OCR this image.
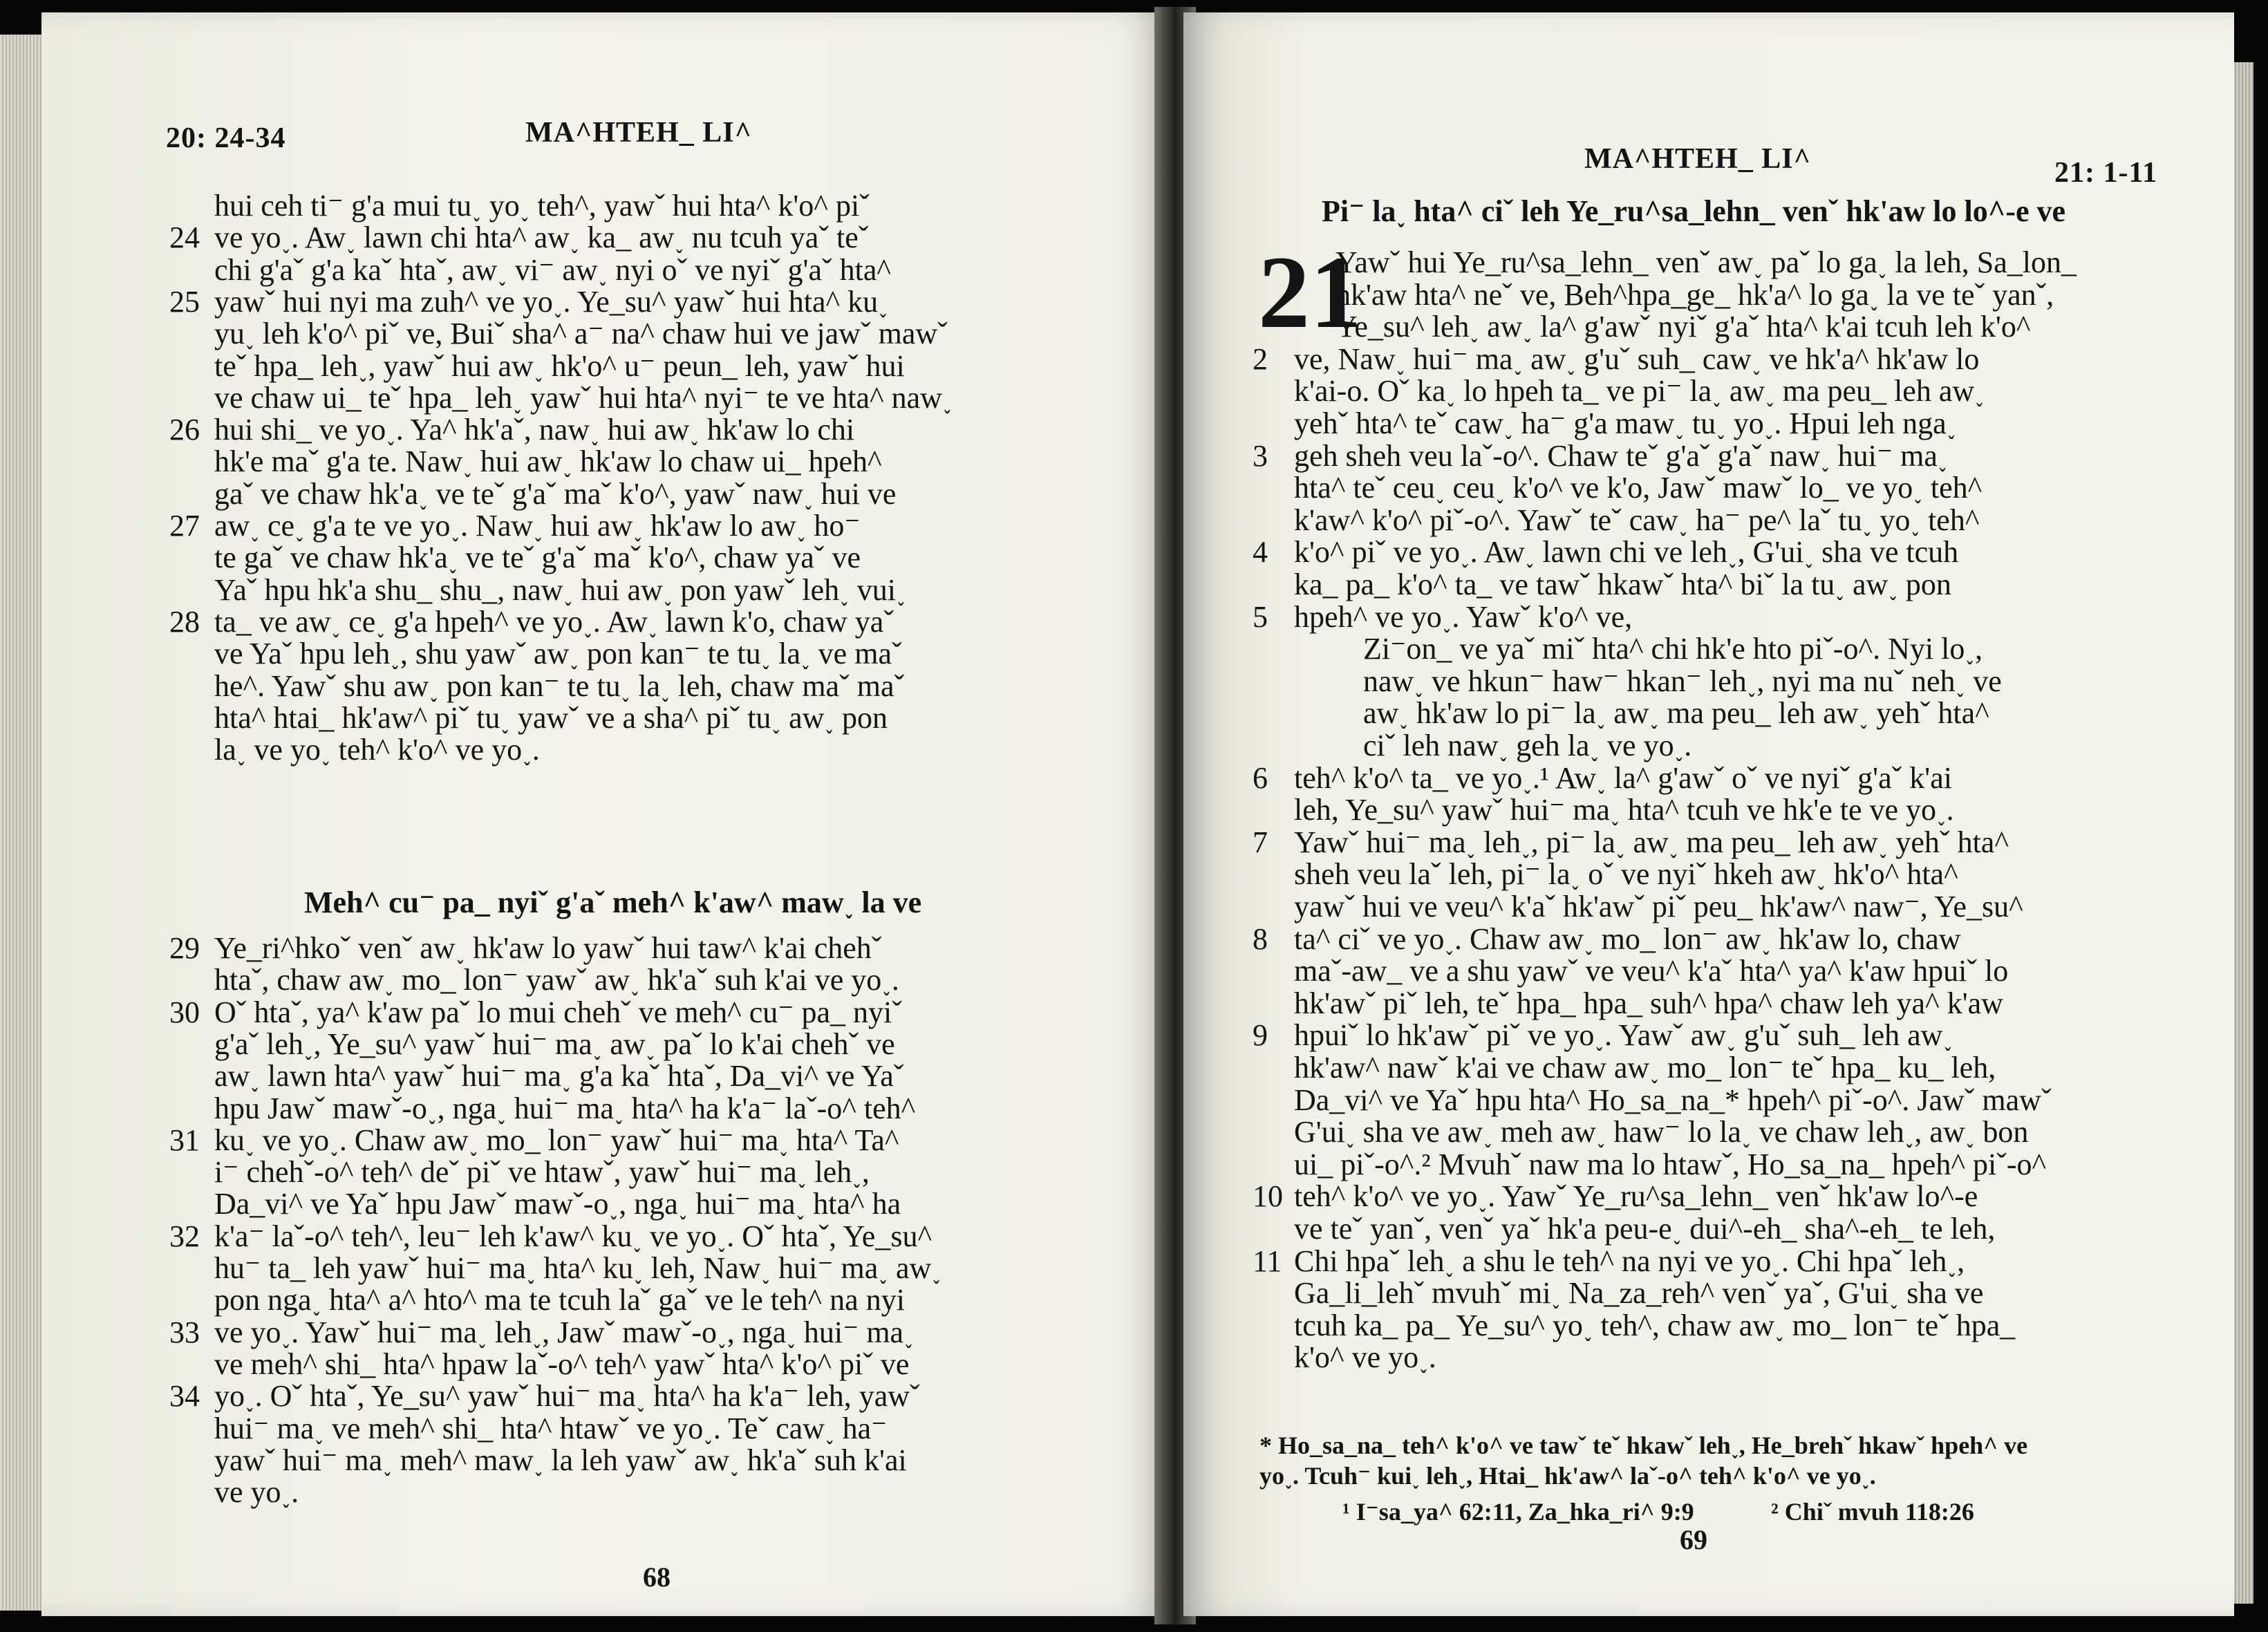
20: 24-34	MA^HTEH_ LI^
hui ceh ti⁻ g'a mui tu˯ yo˯ teh^, yawˇ hui hta^ k'o^ piˇ
ve yo˯. Aw˯ lawn chi hta^ aw˯ ka_ aw˯ nu tcuh yaˇ teˇ
chi g'aˇ g'a kaˇ htaˇ, aw˯ vi⁻ aw˯ nyi oˇ ve nyiˇ g'aˇ hta^
yawˇ hui nyi ma zuh^ ve yo˯. Ye_su^ yawˇ hui hta^ ku˯
yu˯ leh k'o^ piˇ ve, Buiˇ sha^ a⁻ na^ chaw hui ve jawˇ mawˇ
teˇ hpa_ leh˯, yawˇ hui aw˯ hk'o^ u⁻ peun_ leh, yawˇ hui
ve chaw ui_ teˇ hpa_ leh˯ yawˇ hui hta^ nyi⁻ te ve hta^ naw˯
hui shi_ ve yo˯. Ya^ hk'aˇ, naw˯ hui aw˯ hk'aw lo chi
hk'e maˇ g'a te. Naw˯ hui aw˯ hk'aw lo chaw ui_ hpeh^
gaˇ ve chaw hk'a˯ ve teˇ g'aˇ maˇ k'o^, yawˇ naw˯ hui ve
aw˯ ce˯ g'a te ve yo˯. Naw˯ hui aw˯ hk'aw lo aw˯ ho⁻
te gaˇ ve chaw hk'a˯ ve teˇ g'aˇ maˇ k'o^, chaw yaˇ ve
Yaˇ hpu hk'a shu_ shu_, naw˯ hui aw˯ pon yawˇ leh˯ vui˯
ta_ ve aw˯ ce˯ g'a hpeh^ ve yo˯. Aw˯ lawn k'o, chaw yaˇ
ve Yaˇ hpu leh˯, shu yawˇ aw˯ pon kan⁻ te tu˯ la˯ ve maˇ
he^. Yawˇ shu aw˯ pon kan⁻ te tu˯ la˯ leh, chaw maˇ maˇ
hta^ htai_ hk'aw^ piˇ tu˯ yawˇ ve a sha^ piˇ tu˯ aw˯ pon
la˯ ve yo˯ teh^ k'o^ ve yo˯.
24
25
26
27
28
Meh^ cu⁻ pa_ nyiˇ g'aˇ meh^ k'aw^ maw˯ la ve
Ye_ri^hkoˇ venˇ aw˯ hk'aw lo yawˇ hui taw^ k'ai chehˇ
htaˇ, chaw aw˯ mo_ lon⁻ yawˇ aw˯ hk'aˇ suh k'ai ve yo˯.
Oˇ htaˇ, ya^ k'aw paˇ lo mui chehˇ ve meh^ cu⁻ pa_ nyiˇ
g'aˇ leh˯, Ye_su^ yawˇ hui⁻ ma˯ aw˯ paˇ lo k'ai chehˇ ve
aw˯ lawn hta^ yawˇ hui⁻ ma˯ g'a kaˇ htaˇ, Da_vi^ ve Yaˇ
hpu Jawˇ mawˇ-o˯, nga˯ hui⁻ ma˯ hta^ ha k'a⁻ laˇ-o^ teh^
ku˯ ve yo˯. Chaw aw˯ mo_ lon⁻ yawˇ hui⁻ ma˯ hta^ Ta^
i⁻ chehˇ-o^ teh^ deˇ piˇ ve htawˇ, yawˇ hui⁻ ma˯ leh˯,
Da_vi^ ve Yaˇ hpu Jawˇ mawˇ-o˯, nga˯ hui⁻ ma˯ hta^ ha
k'a⁻ laˇ-o^ teh^, leu⁻ leh k'aw^ ku˯ ve yo˯. Oˇ htaˇ, Ye_su^
hu⁻ ta_ leh yawˇ hui⁻ ma˯ hta^ ku˯ leh, Naw˯ hui⁻ ma˯ aw˯
pon nga˯ hta^ a^ hto^ ma te tcuh laˇ gaˇ ve le teh^ na nyi
ve yo˯. Yawˇ hui⁻ ma˯ leh˯, Jawˇ mawˇ-o˯, nga˯ hui⁻ ma˯
ve meh^ shi_ hta^ hpaw laˇ-o^ teh^ yawˇ hta^ k'o^ piˇ ve
yo˯. Oˇ htaˇ, Ye_su^ yawˇ hui⁻ ma˯ hta^ ha k'a⁻ leh, yawˇ
hui⁻ ma˯ ve meh^ shi_ hta^ htawˇ ve yo˯. Teˇ caw˯ ha⁻
yawˇ hui⁻ ma˯ meh^ maw˯ la leh yawˇ aw˯ hk'aˇ suh k'ai
ve yo˯.
29
30
31
32
33
34
68
MA^HTEH_ LI^	21: 1-11
Pi⁻ la˯ hta^ ciˇ leh Ye_ru^sa_lehn_ venˇ hk'aw lo lo^-e ve
21
Yawˇ hui Ye_ru^sa_lehn_ venˇ aw˯ paˇ lo ga˯ la leh, Sa_lon_
hk'aw hta^ neˇ ve, Beh^hpa_ge_ hk'a^ lo ga˯ la ve teˇ yanˇ,
Ye_su^ leh˯ aw˯ la^ g'awˇ nyiˇ g'aˇ hta^ k'ai tcuh leh k'o^
ve, Naw˯ hui⁻ ma˯ aw˯ g'uˇ suh_ caw˯ ve hk'a^ hk'aw lo
k'ai-o. Oˇ ka˯ lo hpeh ta_ ve pi⁻ la˯ aw˯ ma peu_ leh aw˯
yehˇ hta^ teˇ caw˯ ha⁻ g'a maw˯ tu˯ yo˯. Hpui leh nga˯
geh sheh veu laˇ-o^. Chaw teˇ g'aˇ g'aˇ naw˯ hui⁻ ma˯
hta^ teˇ ceu˯ ceu˯ k'o^ ve k'o, Jawˇ mawˇ lo_ ve yo˯ teh^
k'aw^ k'o^ piˇ-o^. Yawˇ teˇ caw˯ ha⁻ pe^ laˇ tu˯ yo˯ teh^
k'o^ piˇ ve yo˯. Aw˯ lawn chi ve leh˯, G'ui˯ sha ve tcuh
ka_ pa_ k'o^ ta_ ve tawˇ hkawˇ hta^ biˇ la tu˯ aw˯ pon
hpeh^ ve yo˯. Yawˇ k'o^ ve,
Zi⁻on_ ve yaˇ miˇ hta^ chi hk'e hto piˇ-o^. Nyi lo˯,
naw˯ ve hkun⁻ haw⁻ hkan⁻ leh˯, nyi ma nuˇ neh˯ ve
aw˯ hk'aw lo pi⁻ la˯ aw˯ ma peu_ leh aw˯ yehˇ hta^
ciˇ leh naw˯ geh la˯ ve yo˯.
teh^ k'o^ ta_ ve yo˯.¹ Aw˯ la^ g'awˇ oˇ ve nyiˇ g'aˇ k'ai
leh, Ye_su^ yawˇ hui⁻ ma˯ hta^ tcuh ve hk'e te ve yo˯.
Yawˇ hui⁻ ma˯ leh˯, pi⁻ la˯ aw˯ ma peu_ leh aw˯ yehˇ hta^
sheh veu laˇ leh, pi⁻ la˯ oˇ ve nyiˇ hkeh aw˯ hk'o^ hta^
yawˇ hui ve veu^ k'aˇ hk'awˇ piˇ peu_ hk'aw^ naw⁻, Ye_su^
ta^ ciˇ ve yo˯. Chaw aw˯ mo_ lon⁻ aw˯ hk'aw lo, chaw
maˇ-aw_ ve a shu yawˇ ve veu^ k'aˇ hta^ ya^ k'aw hpuiˇ lo
hk'awˇ piˇ leh, teˇ hpa_ hpa_ suh^ hpa^ chaw leh ya^ k'aw
hpuiˇ lo hk'awˇ piˇ ve yo˯. Yawˇ aw˯ g'uˇ suh_ leh aw˯
hk'aw^ nawˇ k'ai ve chaw aw˯ mo_ lon⁻ teˇ hpa_ ku_ leh,
Da_vi^ ve Yaˇ hpu hta^ Ho_sa_na_* hpeh^ piˇ-o^. Jawˇ mawˇ
G'ui˯ sha ve aw˯ meh aw˯ haw⁻ lo la˯ ve chaw leh˯, aw˯ bon
ui_ piˇ-o^.² Mvuhˇ naw ma lo htawˇ, Ho_sa_na_ hpeh^ piˇ-o^
teh^ k'o^ ve yo˯. Yawˇ Ye_ru^sa_lehn_ venˇ hk'aw lo^-e
ve teˇ yanˇ, venˇ yaˇ hk'a peu-e˯ dui^-eh_ sha^-eh_ te leh,
Chi hpaˇ leh˯ a shu le teh^ na nyi ve yo˯. Chi hpaˇ leh˯,
Ga_li_lehˇ mvuhˇ mi˯ Na_za_reh^ venˇ yaˇ, G'ui˯ sha ve
tcuh ka_ pa_ Ye_su^ yo˯ teh^, chaw aw˯ mo_ lon⁻ teˇ hpa_
k'o^ ve yo˯.
2
3
4
5
6
7
8
9
10
11
* Ho_sa_na_ teh^ k'o^ ve tawˇ teˇ hkawˇ leh˯, He_brehˇ hkawˇ hpeh^ ve
yo˯. Tcuh⁻ kui˯ leh˯, Htai_ hk'aw^ laˇ-o^ teh^ k'o^ ve yo˯.
¹ I⁻sa_ya^ 62:11, Za_hka_ri^ 9:9	² Chiˇ mvuh 118:26
69
